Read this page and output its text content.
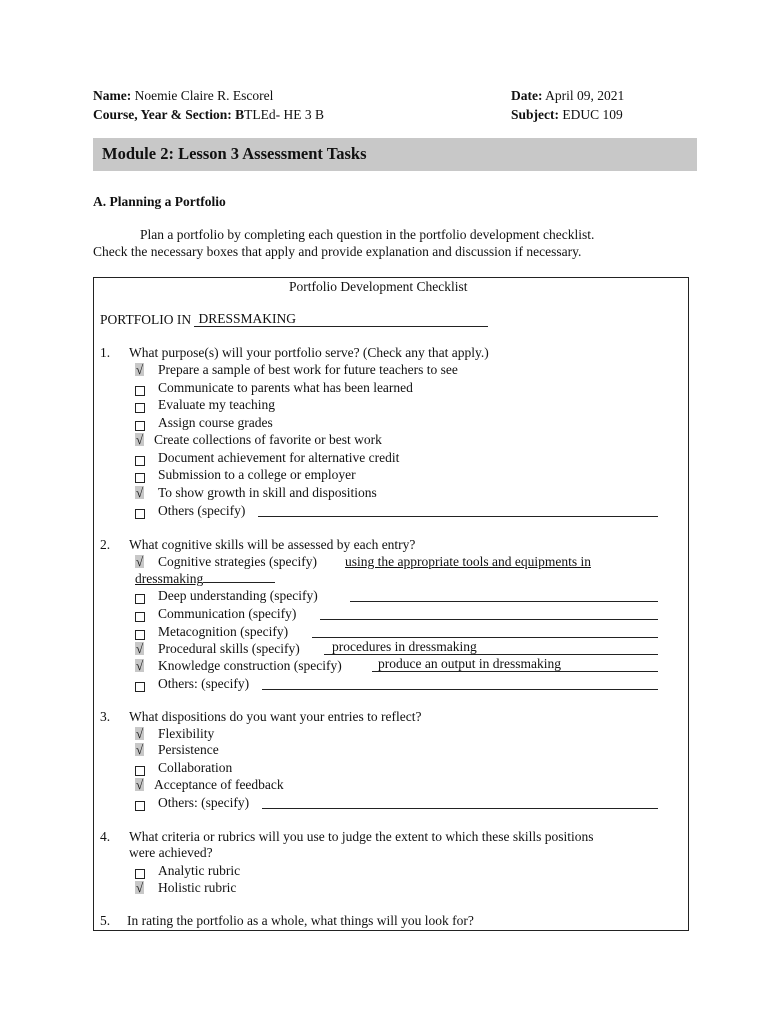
Name: Noemie Claire R. Escorel
Course, Year & Section: BTLEd- HE 3 B
Date: April 09, 2021
Subject: EDUC 109
Module 2: Lesson 3 Assessment Tasks
A. Planning a Portfolio
Plan a portfolio by completing each question in the portfolio development checklist.
Check the necessary boxes that apply and provide explanation and discussion if necessary.
Portfolio Development Checklist
PORTFOLIO IN DRESSMAKING
1. What purpose(s) will your portfolio serve? (Check any that apply.)
√	Prepare a sample of best work for future teachers to see
Communicate to parents what has been learned
Evaluate my teaching
Assign course grades
√ Create collections of favorite or best work
Document achievement for alternative credit
Submission to a college or employer
√	To show growth in skill and dispositions
Others (specify)
2. What cognitive skills will be assessed by each entry?
√	Cognitive strategies (specify) using the appropriate tools and equipments in
dressmaking
Deep understanding (specify)
Communication (specify)
Metacognition (specify)
√	Procedural skills (specify)	procedures in dressmaking
√	Knowledge construction (specify)	produce an output in dressmaking
Others: (specify)
3. What dispositions do you want your entries to reflect?
√	Flexibility
√	Persistence
Collaboration
√ Acceptance of feedback
Others: (specify)
4. What criteria or rubrics will you use to judge the extent to which these skills positions
were achieved?
Analytic rubric
√	Holistic rubric
5. In rating the portfolio as a whole, what things will you look for?
